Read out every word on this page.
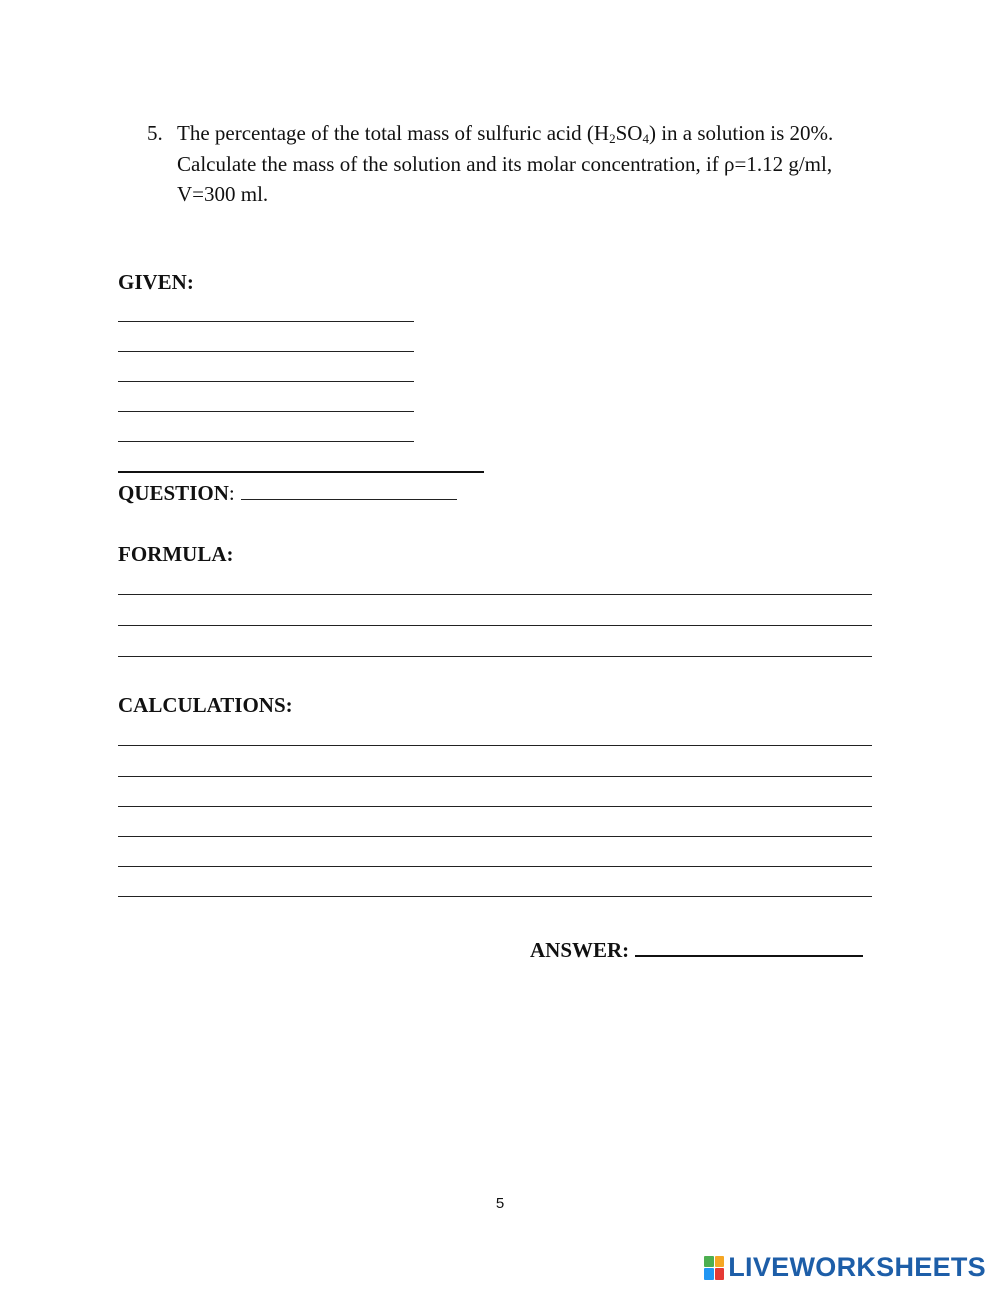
5. The percentage of the total mass of sulfuric acid $(H_2SO_4)$ in a solution is 20%.
Calculate the mass of the solution and its molar concentration, if ρ=1.12 g/ml,
V=300 ml.
GIVEN:
QUESTION:
FORMULA:
CALCULATIONS:
ANSWER:
5
LIVEWORKSHEETS
